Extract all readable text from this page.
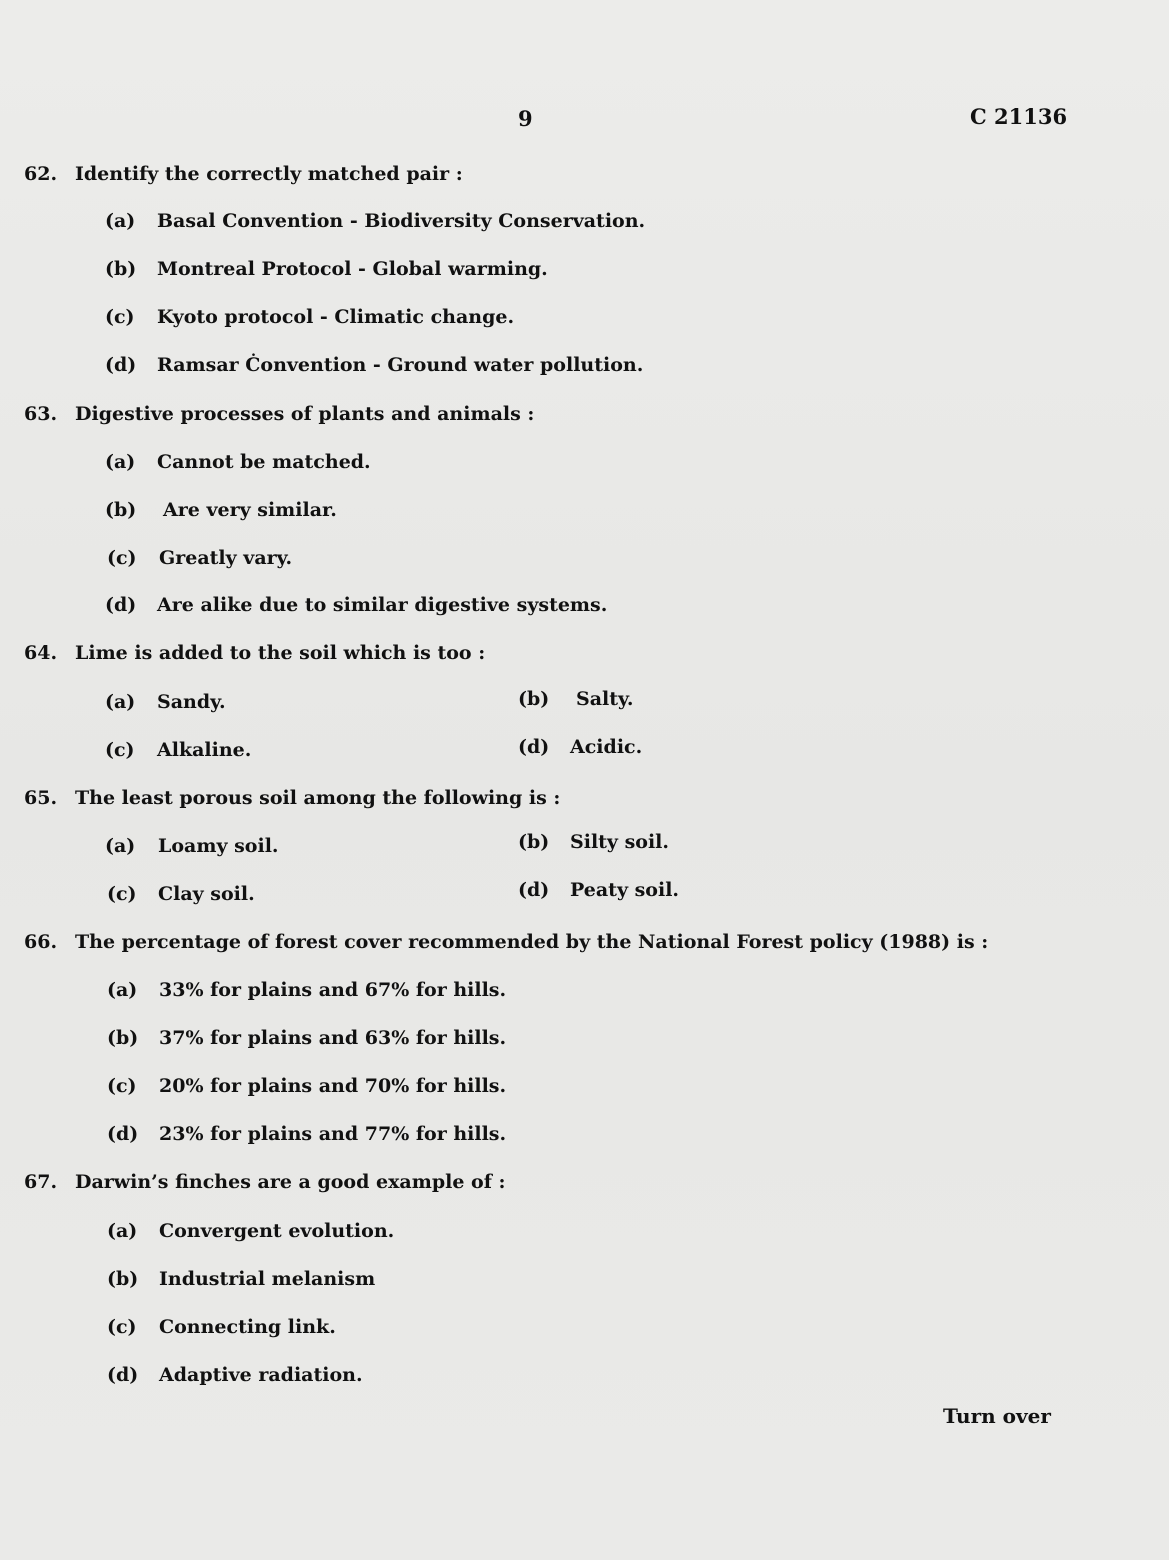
9	C 21136
62. Identify the correctly matched pair :
(a) Basal Convention - Biodiversity Conservation.
(b) Montreal Protocol - Global warming.
(c) Kyoto protocol - Climatic change.
(d) Ramsar Ċonvention - Ground water pollution.
63. Digestive processes of plants and animals :
(a) Cannot be matched.
(b) Are very similar.
(c) Greatly vary.
(d) Are alike due to similar digestive systems.
64. Lime is added to the soil which is too :
(a) Sandy.	(b) Salty.
(c) Alkaline.	(d) Acidic.
65. The least porous soil among the following is :
(a) Loamy soil.	(b) Silty soil.
(c) Clay soil.	(d) Peaty soil.
66. The percentage of forest cover recommended by the National Forest policy (1988) is :
(a) 33% for plains and 67% for hills.
(b) 37% for plains and 63% for hills.
(c) 20% for plains and 70% for hills.
(d) 23% for plains and 77% for hills.
67. Darwin’s finches are a good example of :
(a) Convergent evolution.
(b) Industrial melanism
(c) Connecting link.
(d) Adaptive radiation.
Turn over
